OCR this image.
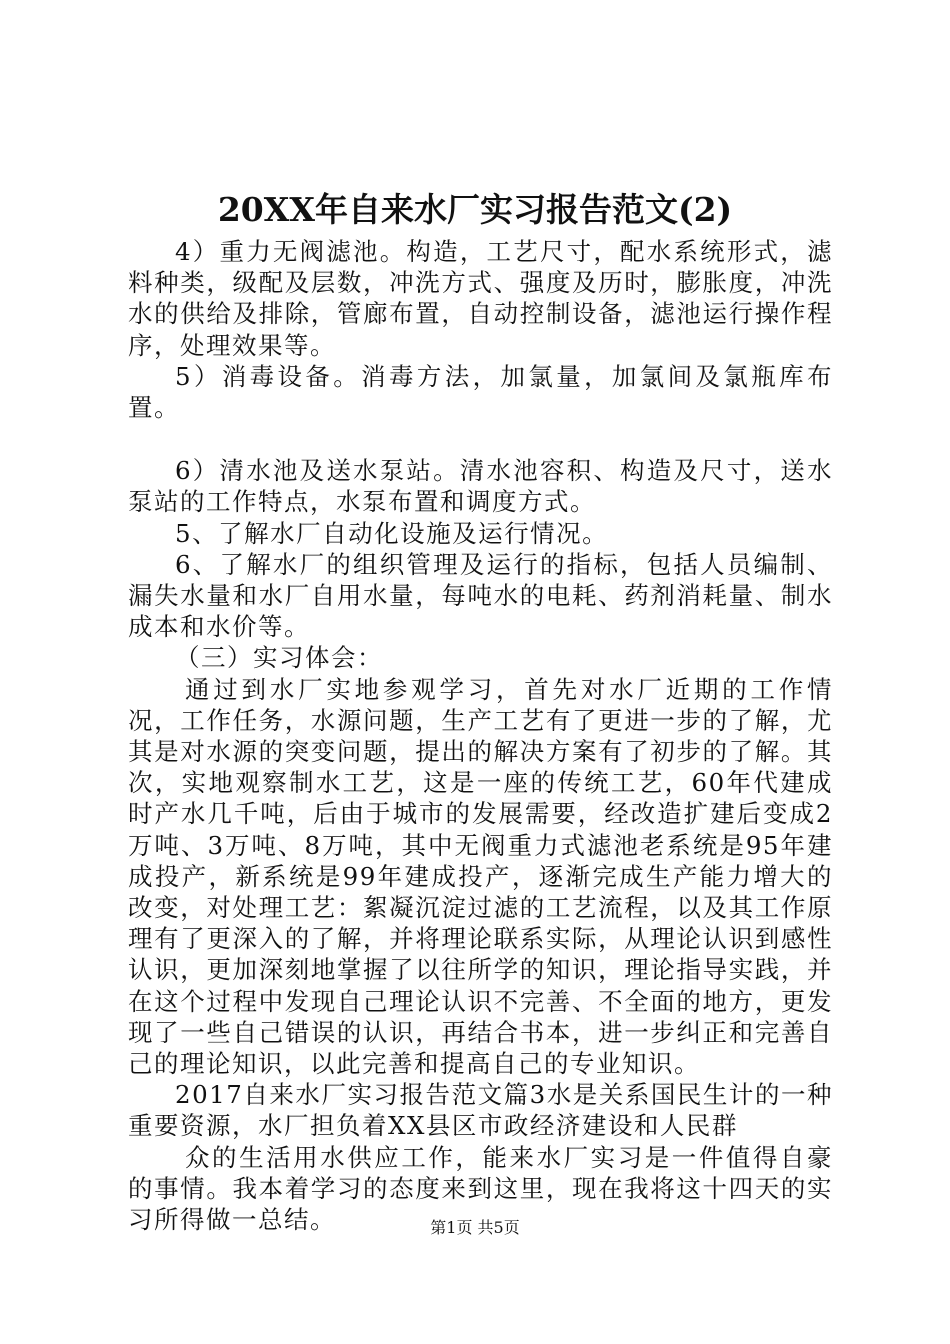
20XX年自来水厂实习报告范文(2)

4）重力无阀滤池。构造，工艺尺寸，配水系统形式，滤料种类，级配及层数，冲洗方式、强度及历时，膨胀度，冲洗水的供给及排除，管廊布置，自动控制设备，滤池运行操作程序，处理效果等。

5）消毒设备。消毒方法，加氯量，加氯间及氯瓶库布置。

6）清水池及送水泵站。清水池容积、构造及尺寸，送水泵站的工作特点，水泵布置和调度方式。

5、了解水厂自动化设施及运行情况。

6、了解水厂的组织管理及运行的指标，包括人员编制、漏失水量和水厂自用水量，每吨水的电耗、药剂消耗量、制水成本和水价等。

（三）实习体会：

通过到水厂实地参观学习，首先对水厂近期的工作情况，工作任务，水源问题，生产工艺有了更进一步的了解，尤其是对水源的突变问题，提出的解决方案有了初步的了解。其次，实地观察制水工艺，这是一座的传统工艺，60年代建成时产水几千吨，后由于城市的发展需要，经改造扩建后变成2万吨、3万吨、8万吨，其中无阀重力式滤池老系统是95年建成投产，新系统是99年建成投产，逐渐完成生产能力增大的改变，对处理工艺：絮凝沉淀过滤的工艺流程，以及其工作原理有了更深入的了解，并将理论联系实际，从理论认识到感性认识，更加深刻地掌握了以往所学的知识，理论指导实践，并在这个过程中发现自己理论认识不完善、不全面的地方，更发现了一些自己错误的认识，再结合书本，进一步纠正和完善自己的理论知识，以此完善和提高自己的专业知识。

2017自来水厂实习报告范文篇3水是关系国民生计的一种重要资源，水厂担负着XX县区市政经济建设和人民群

众的生活用水供应工作，能来水厂实习是一件值得自豪的事情。我本着学习的态度来到这里，现在我将这十四天的实习所得做一总结。	第1页 共5页
